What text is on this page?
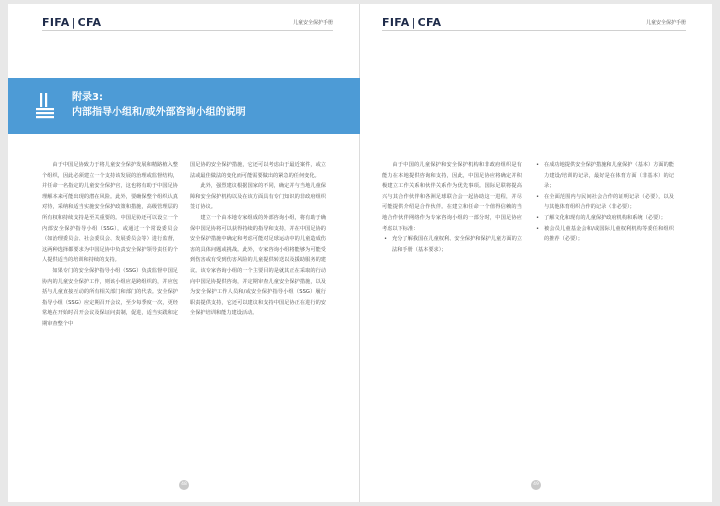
FIFA | CFA	儿童安全保护手册
附录3:
内部指导小组和/或外部咨询小组的说明

由于中国足协致力于将儿童安全保护发展和精路植入整个组织，因此必须建立一个支持该发展的治理或监督结构，并任命一名指定的儿童安全保护官，这也将有助于中国足协理解本来可能出现的潜在风险。此外，要确保整个组织认真对待，采纳和适当实施安全保护政策和措施，高级管理层的所有权和持续支持是至关重要的。中国足协还可以设立一个内部安全保护指导小组（SSG），或通过一个常设委员会（如治理委员会、社会委员会、发展委员会等）进行监督，这两种选择都要求为中国足协中负责安全保护领导责任的个人提供适当的培训和持续的支持。

如果专门的安全保护指导小组（SSG）负责监督中国足协内的儿童安全保护工作，则该小组应是跨组织的，并应包括与儿童直接互动的所有相关部门和部门的代表。安全保护指导小组（SSG）应定期召开会议，至少每季度一次，更经常地在开始时召开会议及保证问责制，促进，适当实践和定期审查整个中

国足协的安全保护措施，它还可以考虑由于最近案件，或立法或最佳做法的变化而可能需要做出的紧急的任何变化。

此外，强烈建议根据国家的不同，确定并与当地儿童保障和安全保护机构以及在该方面具有专门知识的非政府组织签订协议。

建立一个由本地专家组成的外部咨询小组，将有助于确保中国足协将可以获得持续的指导和支持，并在中国足协的安全保护措施中确定和考虑可能对足球运动中的儿童造成伤害的具体问题或挑战。此外，专家咨询小组将能够为可能受到伤害或有受到伤害风险的儿童提供转送以及援助服务的建议。该专家咨询小组的一个主要目的是就其正在采取的行动向中国足协提供咨询，并定期审查儿童安全保护措施，以及为安全保护工作人员和/或安全保护指导小组（SSG）履行职责提供支持，它还可以建议和支持中国足协正在进行的安全保护培训和能力建设活动。

48
FIFA | CFA	儿童安全保护手册

由于中国的儿童保护和安全保护机构和非政府组织是有能力在本地提供咨询和支持，因此，中国足协应将确定并积极建立工作关系和伙伴关系作为优先事项。国际足联将提高兴与其合作伙伴和各洲足球联合会一起协助这一进程，并尽可能提供介绍是合作伙伴。在建立和任命一个值得信赖的当地合作伙伴网络作为专家咨询小组的一部分时，中国足协应考虑以下标准：

• 充分了解我国在儿童权利、安全保护和保护儿童方面的立法和手册（基本要求）；

• 在成功地提供安全保护措施和儿童保护（基本）方面的能力建设/培训的记录，最好是在体育方面（非基本）的记录；

• 在全面范围内与民间社会合作的证明记录（必要），以及与其他体育组织合作的记录（非必要）；

• 了解文化和现有的儿童保护政府机构和系统（必要）；

• 被会员儿童基金会和/或国际儿童权利机构等委任和组织的推荐（必要）；

49
